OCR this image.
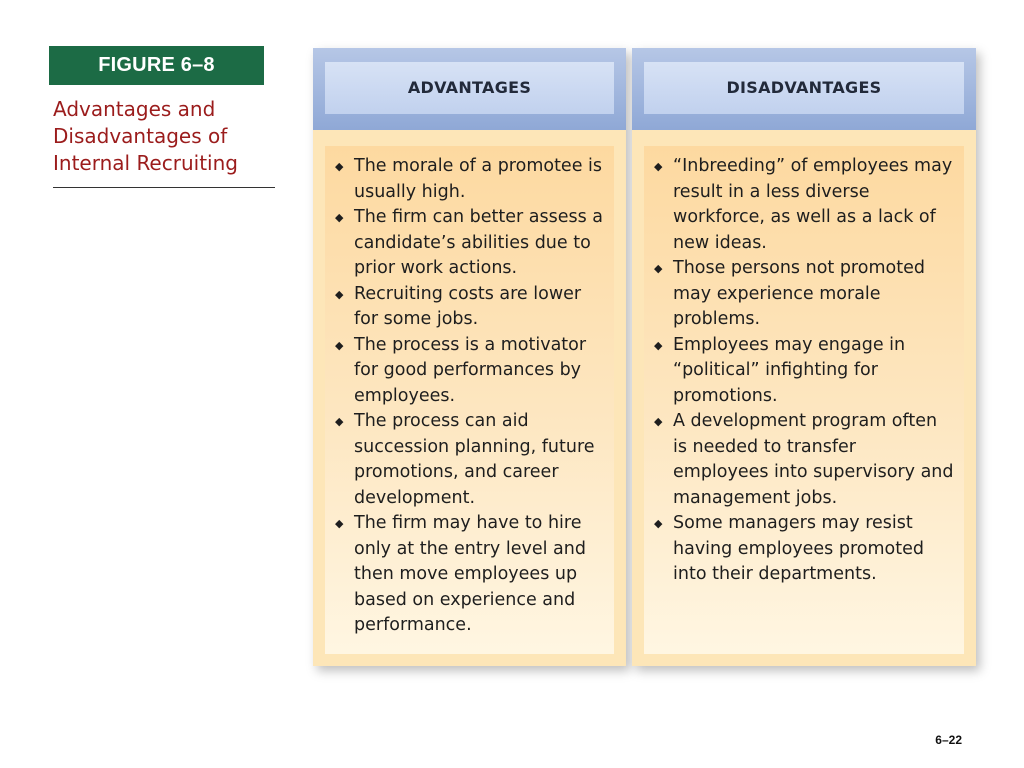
FIGURE 6–8
Advantages and Disadvantages of Internal Recruiting
ADVANTAGES
◆ The morale of a promotee is usually high.
◆ The firm can better assess a candidate’s abilities due to prior work actions.
◆ Recruiting costs are lower for some jobs.
◆ The process is a motivator for good performances by employees.
◆ The process can aid succession planning, future promotions, and career development.
◆ The firm may have to hire only at the entry level and then move employees up based on experience and performance.
DISADVANTAGES
◆ “Inbreeding” of employees may result in a less diverse workforce, as well as a lack of new ideas.
◆ Those persons not promoted may experience morale problems.
◆ Employees may engage in “political” infighting for promotions.
◆ A development program often is needed to transfer employees into supervisory and management jobs.
◆ Some managers may resist having employees promoted into their departments.
6–22
